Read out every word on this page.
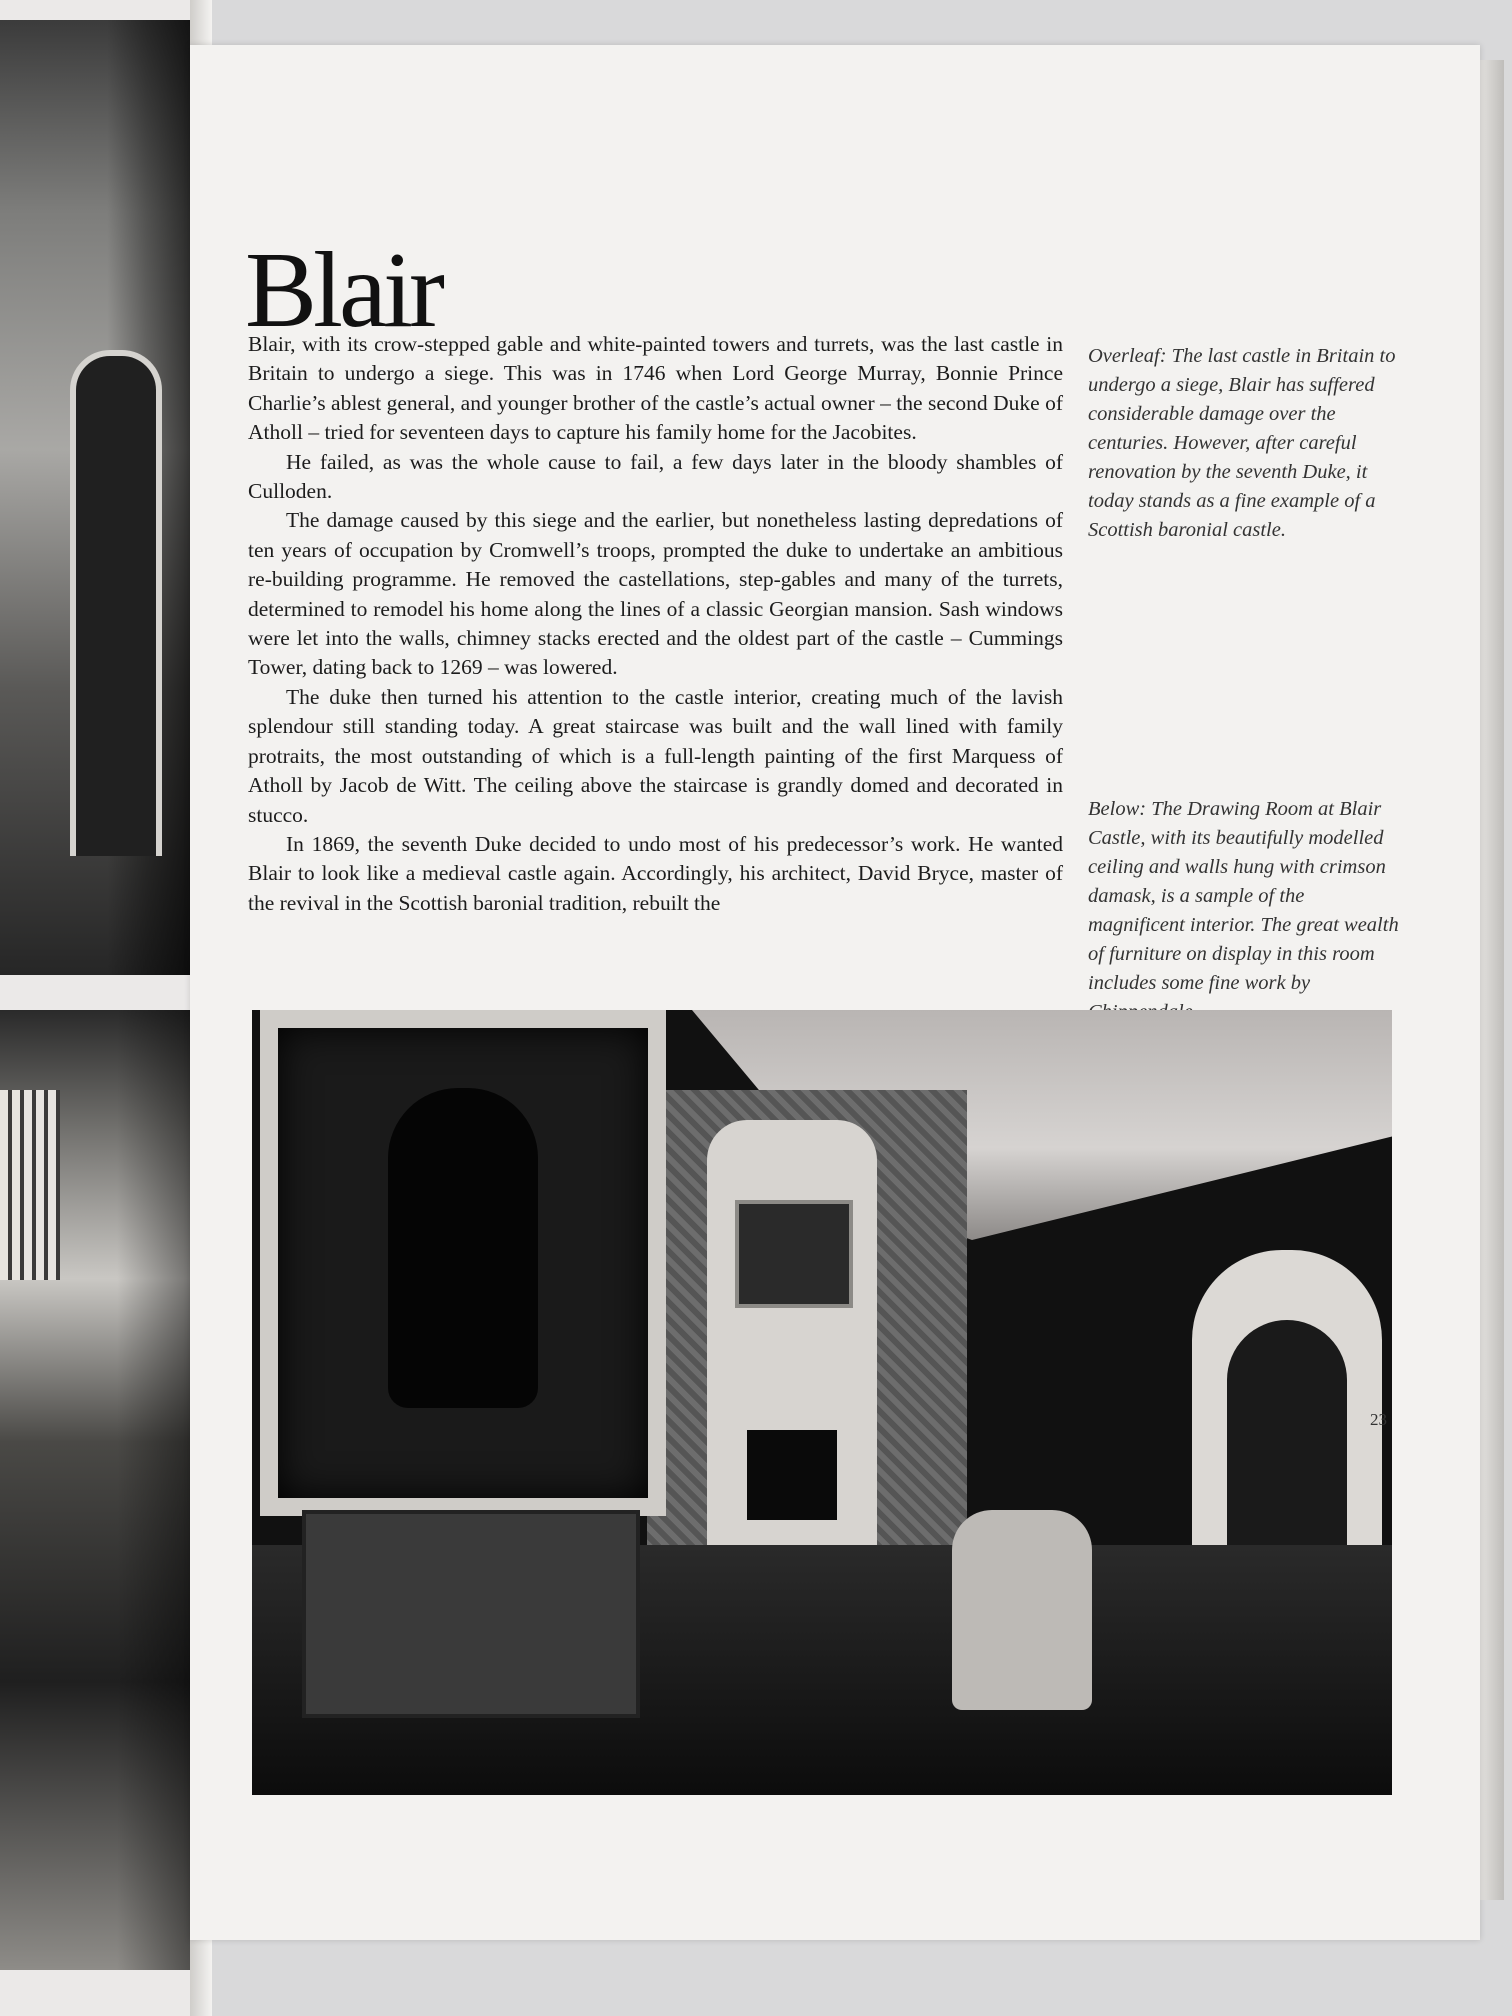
Blair

Blair, with its crow-stepped gable and white-painted towers and turrets, was the last castle in Britain to undergo a siege. This was in 1746 when Lord George Murray, Bonnie Prince Charlie’s ablest general, and younger brother of the castle’s actual owner – the second Duke of Atholl – tried for seventeen days to capture his family home for the Jacobites.

He failed, as was the whole cause to fail, a few days later in the bloody shambles of Culloden.

The damage caused by this siege and the earlier, but nonetheless lasting depredations of ten years of occupation by Cromwell’s troops, prompted the duke to undertake an ambitious re-building programme. He removed the castellations, step-gables and many of the turrets, determined to remodel his home along the lines of a classic Georgian mansion. Sash windows were let into the walls, chimney stacks erected and the oldest part of the castle – Cummings Tower, dating back to 1269 – was lowered.

The duke then turned his attention to the castle interior, creating much of the lavish splendour still standing today. A great staircase was built and the wall lined with family protraits, the most outstanding of which is a full-length painting of the first Marquess of Atholl by Jacob de Witt. The ceiling above the staircase is grandly domed and decorated in stucco.

In 1869, the seventh Duke decided to undo most of his predecessor’s work. He wanted Blair to look like a medieval castle again. Accordingly, his architect, David Bryce, master of the revival in the Scottish baronial tradition, rebuilt the

Overleaf: The last castle in Britain to undergo a siege, Blair has suffered considerable damage over the centuries. However, after careful renovation by the seventh Duke, it today stands as a fine example of a Scottish baronial castle.
Below: The Drawing Room at Blair Castle, with its beautifully modelled ceiling and walls hung with crimson damask, is a sample of the magnificent interior. The great wealth of furniture on display in this room includes some fine work by
23
